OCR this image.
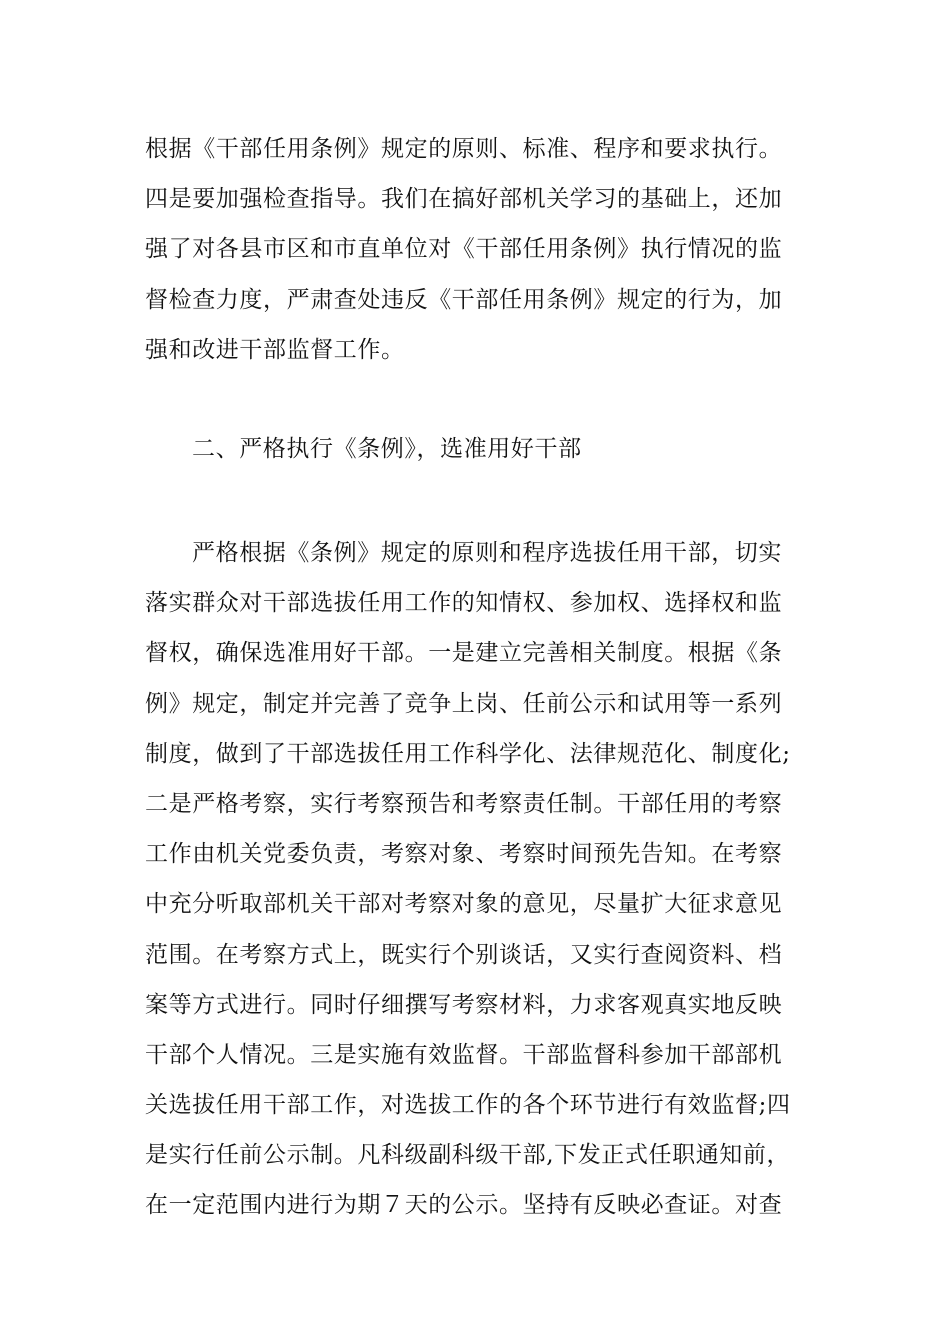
根据《干部任用条例》规定的原则、标准、程序和要求执行。
四是要加强检查指导。我们在搞好部机关学习的基础上，还加
强了对各县市区和市直单位对《干部任用条例》执行情况的监
督检查力度，严肃查处违反《干部任用条例》规定的行为，加
强和改进干部监督工作。
二、严格执行《条例》，选准用好干部
严格根据《条例》规定的原则和程序选拔任用干部，切实
落实群众对干部选拔任用工作的知情权、参加权、选择权和监
督权，确保选准用好干部。一是建立完善相关制度。根据《条
例》规定，制定并完善了竞争上岗、任前公示和试用等一系列
制度，做到了干部选拔任用工作科学化、法律规范化、制度化;
二是严格考察，实行考察预告和考察责任制。干部任用的考察
工作由机关党委负责，考察对象、考察时间预先告知。在考察
中充分听取部机关干部对考察对象的意见，尽量扩大征求意见
范围。在考察方式上，既实行个别谈话，又实行查阅资料、档
案等方式进行。同时仔细撰写考察材料，力求客观真实地反映
干部个人情况。三是实施有效监督。干部监督科参加干部部机
关选拔任用干部工作，对选拔工作的各个环节进行有效监督;四
是实行任前公示制。凡科级副科级干部,下发正式任职通知前，
在一定范围内进行为期７天的公示。坚持有反映必查证。对查
